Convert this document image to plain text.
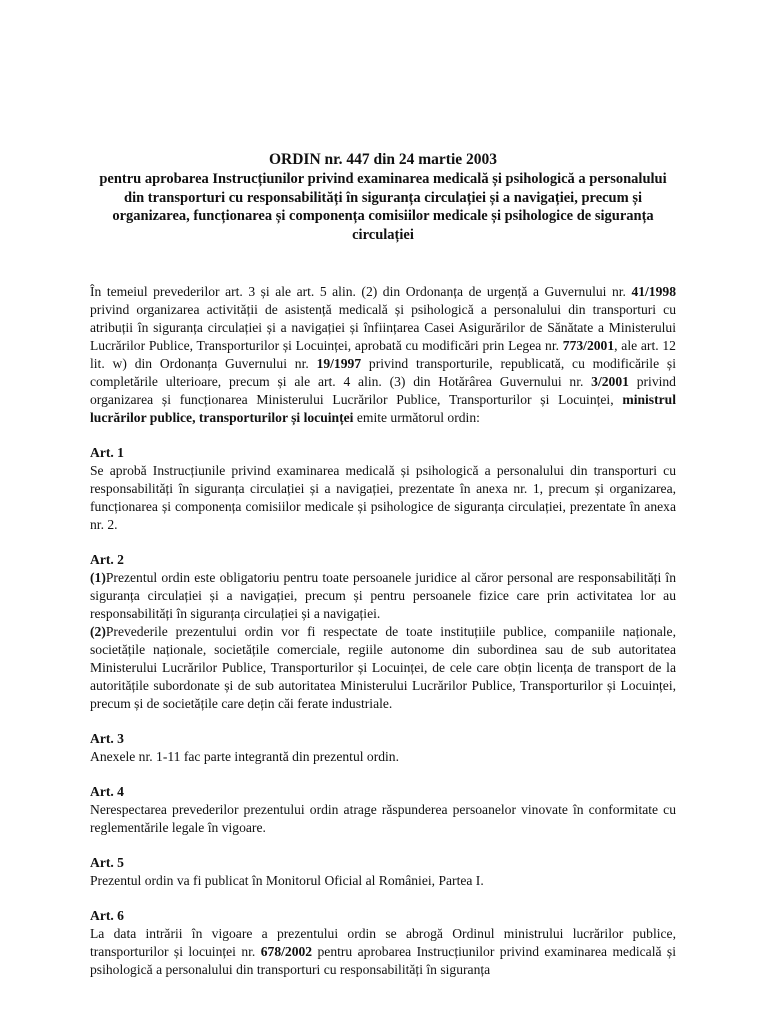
ORDIN nr. 447 din 24 martie 2003
pentru aprobarea Instrucțiunilor privind examinarea medicală și psihologică a personalului din transporturi cu responsabilități în siguranța circulației și a navigației, precum și organizarea, funcționarea și componența comisiilor medicale și psihologice de siguranța circulației

În temeiul prevederilor art. 3 și ale art. 5 alin. (2) din Ordonanța de urgență a Guvernului nr. 41/1998 privind organizarea activității de asistență medicală și psihologică a personalului din transporturi cu atribuții în siguranța circulației și a navigației și înființarea Casei Asigurărilor de Sănătate a Ministerului Lucrărilor Publice, Transporturilor și Locuinței, aprobată cu modificări prin Legea nr. 773/2001, ale art. 12 lit. w) din Ordonanța Guvernului nr. 19/1997 privind transporturile, republicată, cu modificările și completările ulterioare, precum și ale art. 4 alin. (3) din Hotărârea Guvernului nr. 3/2001 privind organizarea și funcționarea Ministerului Lucrărilor Publice, Transporturilor și Locuinței, ministrul lucrărilor publice, transporturilor și locuinței emite următorul ordin:

Art. 1

Se aprobă Instrucțiunile privind examinarea medicală și psihologică a personalului din transporturi cu responsabilități în siguranța circulației și a navigației, prezentate în anexa nr. 1, precum și organizarea, funcționarea și componența comisiilor medicale și psihologice de siguranța circulației, prezentate în anexa nr. 2.

Art. 2

(1)Prezentul ordin este obligatoriu pentru toate persoanele juridice al căror personal are responsabilități în siguranța circulației și a navigației, precum și pentru persoanele fizice care prin activitatea lor au responsabilități în siguranța circulației și a navigației.

(2)Prevederile prezentului ordin vor fi respectate de toate instituțiile publice, companiile naționale, societățile naționale, societățile comerciale, regiile autonome din subordinea sau de sub autoritatea Ministerului Lucrărilor Publice, Transporturilor și Locuinței, de cele care obțin licența de transport de la autoritățile subordonate și de sub autoritatea Ministerului Lucrărilor Publice, Transporturilor și Locuinței, precum și de societățile care dețin căi ferate industriale.

Art. 3

Anexele nr. 1-11 fac parte integrantă din prezentul ordin.

Art. 4

Nerespectarea prevederilor prezentului ordin atrage răspunderea persoanelor vinovate în conformitate cu reglementările legale în vigoare.

Art. 5

Prezentul ordin va fi publicat în Monitorul Oficial al României, Partea I.

Art. 6

La data intrării în vigoare a prezentului ordin se abrogă Ordinul ministrului lucrărilor publice, transporturilor și locuinței nr. 678/2002 pentru aprobarea Instrucțiunilor privind examinarea medicală și psihologică a personalului din transporturi cu responsabilități în siguranța
